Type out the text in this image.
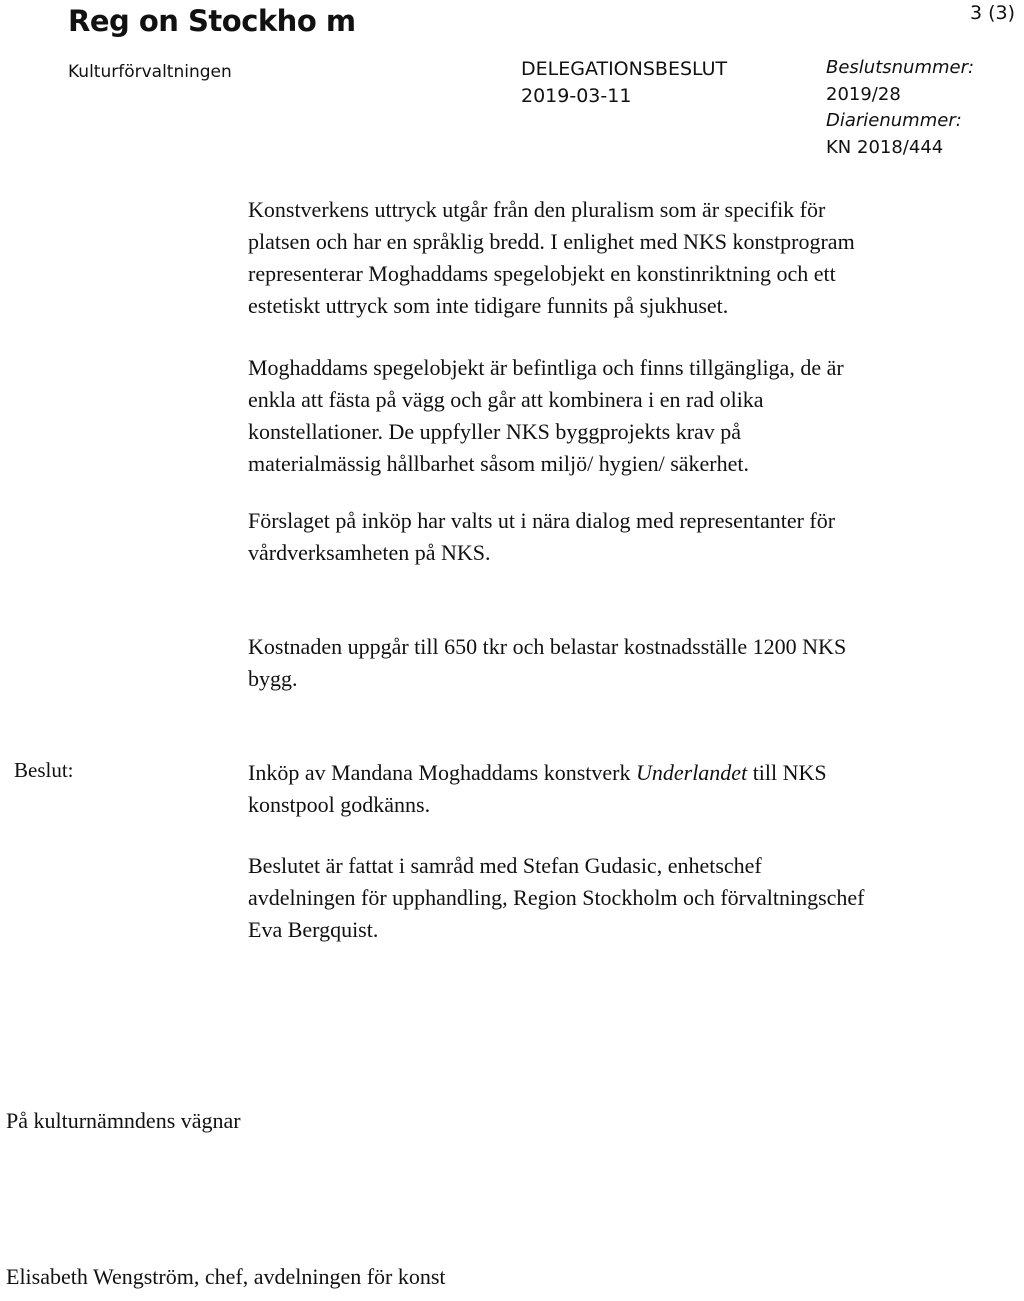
Reg on Stockho m	3 (3)
Kulturförvaltningen	DELEGATIONSBESLUT
2019-03-11
Beslutsnummer:
2019/28
Diarienummer:
KN 2018/444
Konstverkens uttryck utgår från den pluralism som är specifik för
platsen och har en språklig bredd. I enlighet med NKS konstprogram
representerar Moghaddams spegelobjekt en konstinriktning och ett
estetiskt uttryck som inte tidigare funnits på sjukhuset.
Moghaddams spegelobjekt är befintliga och finns tillgängliga, de är
enkla att fästa på vägg och går att kombinera i en rad olika
konstellationer. De uppfyller NKS byggprojekts krav på
materialmässig hållbarhet såsom miljö/ hygien/ säkerhet.
Förslaget på inköp har valts ut i nära dialog med representanter för
vårdverksamheten på NKS.
Kostnaden uppgår till 650 tkr och belastar kostnadsställe 1200 NKS
bygg.
Beslut:	Inköp av Mandana Moghaddams konstverk Underlandet till NKS
konstpool godkänns.
Beslutet är fattat i samråd med Stefan Gudasic, enhetschef
avdelningen för upphandling, Region Stockholm och förvaltningschef
Eva Bergquist.
På kulturnämndens vägnar
Elisabeth Wengström, chef, avdelningen för konst
